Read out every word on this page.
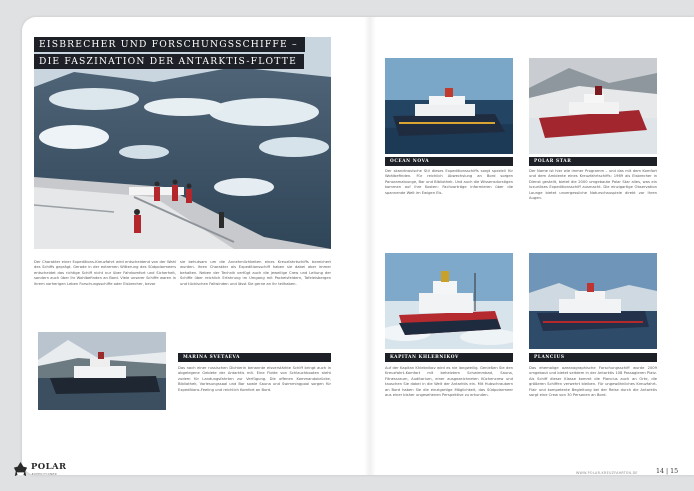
EISBRECHER UND FORSCHUNGSSCHIFFE –
DIE FASZINATION DER ANTARKTIS-FLOTTE
Der Charakter einer Expeditions-Kreuzfahrt wird entscheidend von der Wahl des Schiffs geprägt. Gerade in der extremen Witterung des Südpolarmeers entscheidet das richtige Schiff nicht nur über Fahrkomfort und Sicherheit, sondern auch über Ihr Wohlbefinden an Bord. Viele unserer Schiffe waren in ihrem vorherigen Leben Forschungsschiffe oder Eisbrecher, bevor
sie behutsam um die Annehmlichkeiten eines Kreuzfahrtschiffs bereichert wurden. Ihren Charakter als Expeditionsschiff haben sie dabei aber immer behalten. Neben der Technik verfügt auch die jeweilige Crew und Leitung der Schiffe über reichlich Erfahrung im Umgang mit Packeisfeldern, Tafeleisbergen und tückischen Fallwinden und lässt Sie gerne an ihr teilhaben.
OCEAN NOVA
Der skandinavische Stil dieses Expeditionsschiffs sorgt speziell für Wohlbefinden. Für reichlich Abwechslung an Bord sorgen Panoramalounge, Bar und Bibliothek. Und auch die Wissensdurstigen kommen auf ihre Kosten: Fachvorträge informieren über die spannende Welt im Ewigen Eis.
POLAR STAR
Der Name ist hier wie immer Programm – und das mit dem Komfort und dem Ambiente eines Kreuzfahrtschiffs: 1969 als Eisbrecher in Dienst gestellt, bietet die 2000 umgebaute Polar Star alles, was ein luxuriöses Expeditionsschiff ausmacht. Die einzigartige Observation Lounge bietet unvergessliche Naturschauspiele direkt vor Ihren Augen.
MARINA SVETAEVA
Das nach einer russischen Dichterin benannte eisverstärkte Schiff bringt auch in abgelegene Gebiete der Antarktis mit. Eine Flotte von Schlauchbooten steht zudem für Landungsfahrten zur Verfügung. Die offenen Kommandobrücke, Bibliothek, Vorlesungssaal und Bar sowie Sauna und Swimmingpool sorgen für Expeditions-Feeling und reichlich Komfort an Bord.
KAPITAN KHLEBNIKOV
Auf der Kapitan Khlebnikov wird es nie langweilig. Genießen Sie den Kreuzfahrt-Komfort mit beheiztem Schwimmbad, Sauna, Fitnessraum, Auditorium, einer ausgezeichneten Küchencrew und tauschen Sie dabei in die Welt der Antarktis ein. Mit Hubschraubern an Bord haben Sie die einzigartige Möglichkeit, das Südpolarmeer aus einer bisher ungesehenen Perspektive zu erkunden.
PLANCIUS
Das ehemalige ozeanographische Forschungsschiff wurde 2009 umgebaut und bietet seitdem in der Antarktis 108 Passagieren Platz. Als Schiff dieser Klasse kommt die Plancius auch an Orte, die größeren Schiffen verwehrt bleiben. Für ungewöhnliches Kreuzfahrt-Flair und kompetente Begleitung bei der Reise durch die Antarktis sorgt eine Crew von 30 Personen an Bord.
POLAR
EXPEDITIONEN	WWW.POLAR-KREUZFAHRTEN.DE	14 | 15
